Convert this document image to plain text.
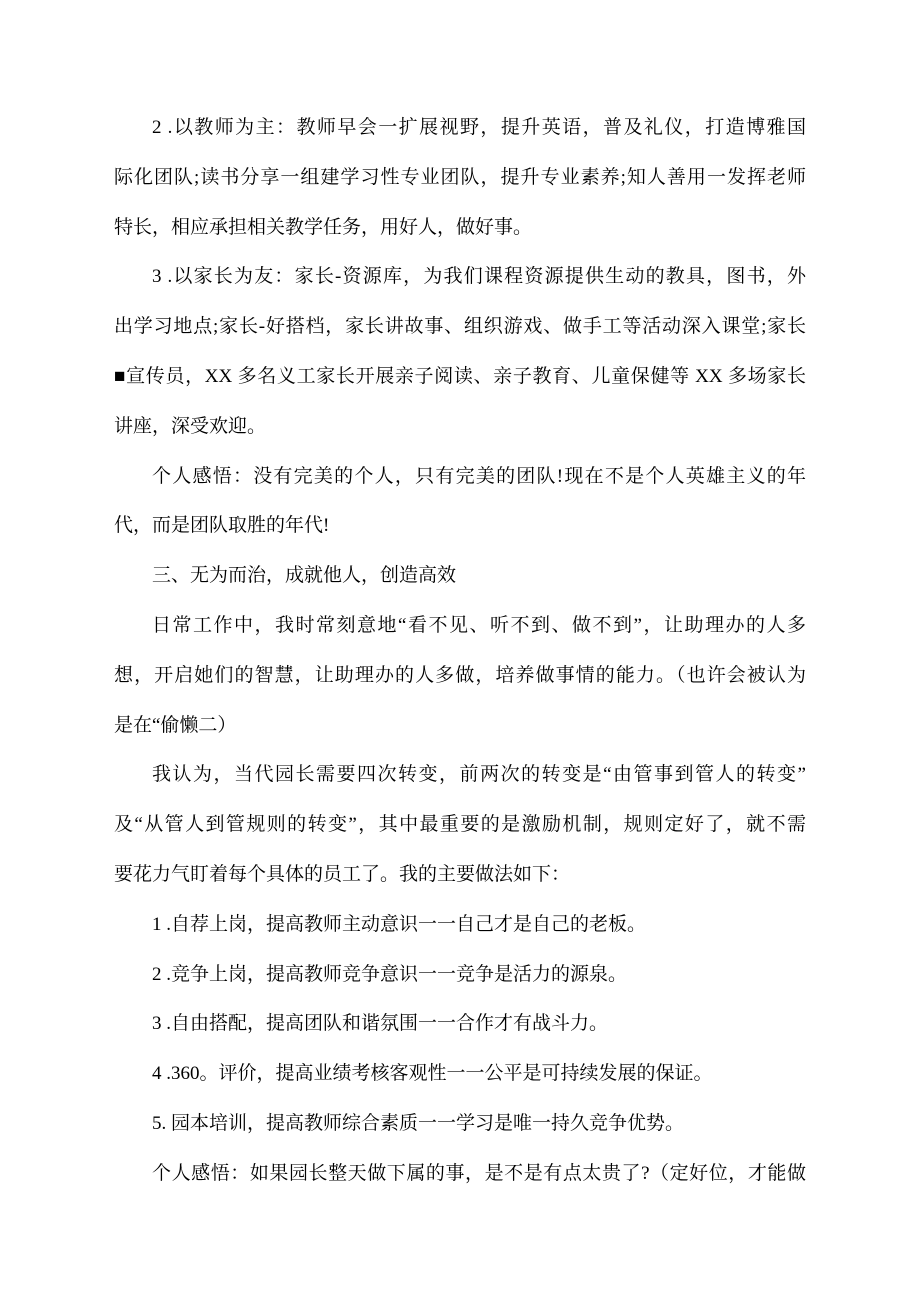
2 .以教师为主：教师早会一扩展视野，提升英语，普及礼仪，打造博雅国
际化团队;读书分享一组建学习性专业团队，提升专业素养;知人善用一发挥老师
特长，相应承担相关教学任务，用好人，做好事。
3 .以家长为友：家长-资源库，为我们课程资源提供生动的教具，图书，外
出学习地点;家长-好搭档，家长讲故事、组织游戏、做手工等活动深入课堂;家长
■宣传员，XX 多名义工家长开展亲子阅读、亲子教育、儿童保健等 XX 多场家长
讲座，深受欢迎。
个人感悟：没有完美的个人，只有完美的团队!现在不是个人英雄主义的年
代，而是团队取胜的年代!
三、无为而治，成就他人，创造高效
日常工作中，我时常刻意地“看不见、听不到、做不到”，让助理办的人多
想，开启她们的智慧，让助理办的人多做，培养做事情的能力。（也许会被认为
是在“偷懒二）
我认为，当代园长需要四次转变，前两次的转变是“由管事到管人的转变”
及“从管人到管规则的转变”，其中最重要的是激励机制，规则定好了，就不需
要花力气盯着每个具体的员工了。我的主要做法如下：
1 .自荐上岗，提高教师主动意识一一自己才是自己的老板。
2 .竞争上岗，提高教师竞争意识一一竞争是活力的源泉。
3 .自由搭配，提高团队和谐氛围一一合作才有战斗力。
4 .360。评价，提高业绩考核客观性一一公平是可持续发展的保证。
5. 园本培训，提高教师综合素质一一学习是唯一持久竞争优势。
个人感悟：如果园长整天做下属的事，是不是有点太贵了?（定好位，才能做
